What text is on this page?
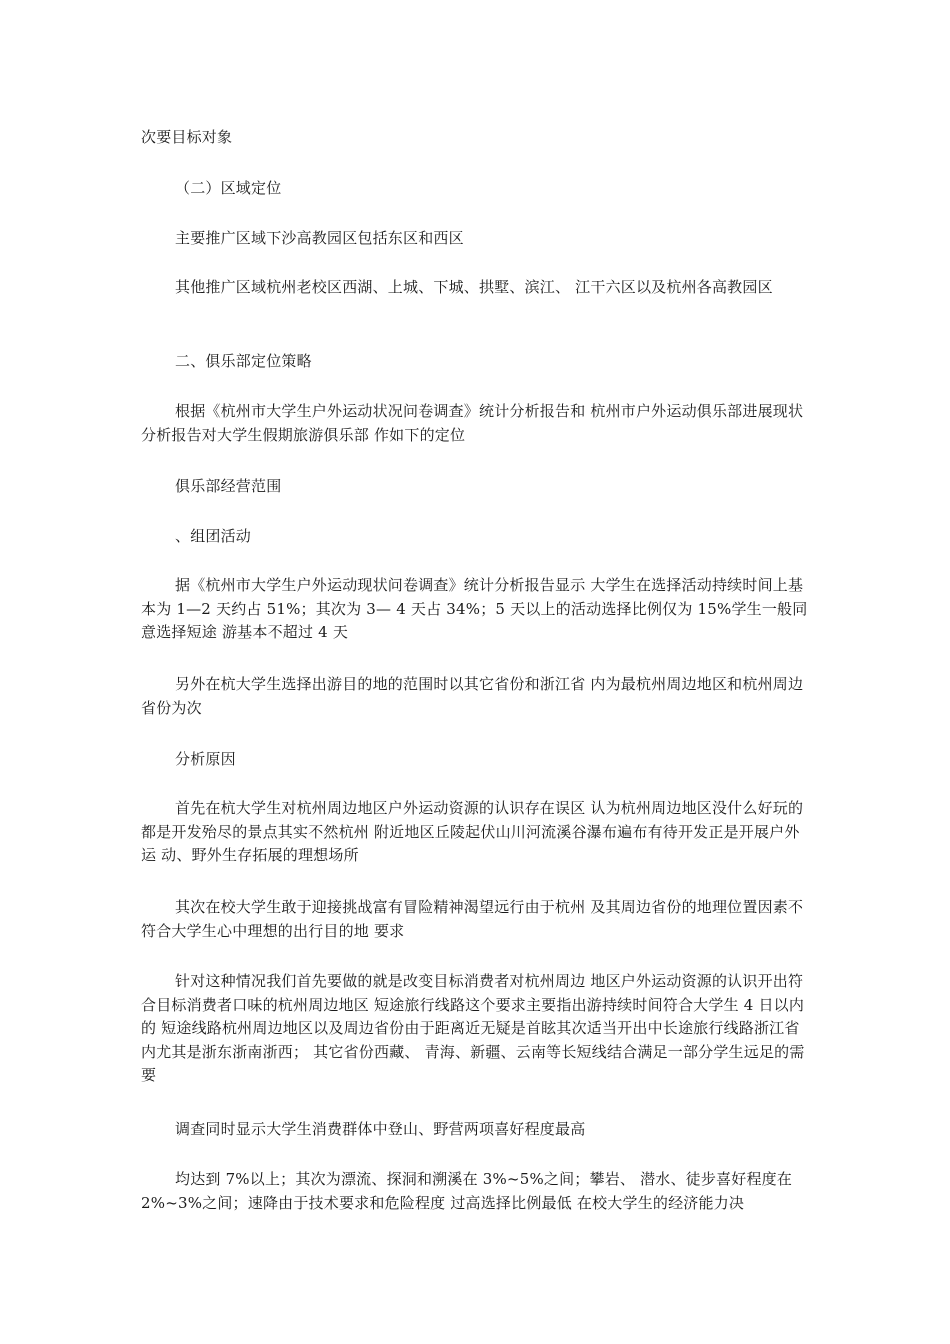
次要目标对象

（二）区域定位

主要推广区域下沙高教园区包括东区和西区

其他推广区域杭州老校区西湖、上城、下城、拱墅、滨江、 江干六区以及杭州各高教园区

二、俱乐部定位策略

根据《杭州市大学生户外运动状况问卷调查》统计分析报告和 杭州市户外运动俱乐部进展现状分析报告对大学生假期旅游俱乐部 作如下的定位

俱乐部经营范围

、组团活动

据《杭州市大学生户外运动现状问卷调查》统计分析报告显示 大学生在选择活动持续时间上基本为 1—2 天约占 51%；其次为 3— 4 天占 34%；5 天以上的活动选择比例仅为 15%学生一般同意选择短途 游基本不超过 4 天

另外在杭大学生选择出游目的地的范围时以其它省份和浙江省 内为最杭州周边地区和杭州周边省份为次

分析原因

首先在杭大学生对杭州周边地区户外运动资源的认识存在误区 认为杭州周边地区没什么好玩的都是开发殆尽的景点其实不然杭州 附近地区丘陵起伏山川河流溪谷瀑布遍布有待开发正是开展户外运 动、野外生存拓展的理想场所

其次在校大学生敢于迎接挑战富有冒险精神渴望远行由于杭州 及其周边省份的地理位置因素不符合大学生心中理想的出行目的地 要求

针对这种情况我们首先要做的就是改变目标消费者对杭州周边 地区户外运动资源的认识开出符合目标消费者口味的杭州周边地区 短途旅行线路这个要求主要指出游持续时间符合大学生 4 日以内的 短途线路杭州周边地区以及周边省份由于距离近无疑是首眩其次适当开出中长途旅行线路浙江省内尤其是浙东浙南浙西； 其它省份西藏、 青海、新疆、云南等长短线结合满足一部分学生远足的需要

调查同时显示大学生消费群体中登山、野营两项喜好程度最高

均达到 7%以上；其次为漂流、探洞和溯溪在 3%~5%之间；攀岩、 潜水、徒步喜好程度在 2%~3%之间；速降由于技术要求和危险程度 过高选择比例最低 在校大学生的经济能力决
